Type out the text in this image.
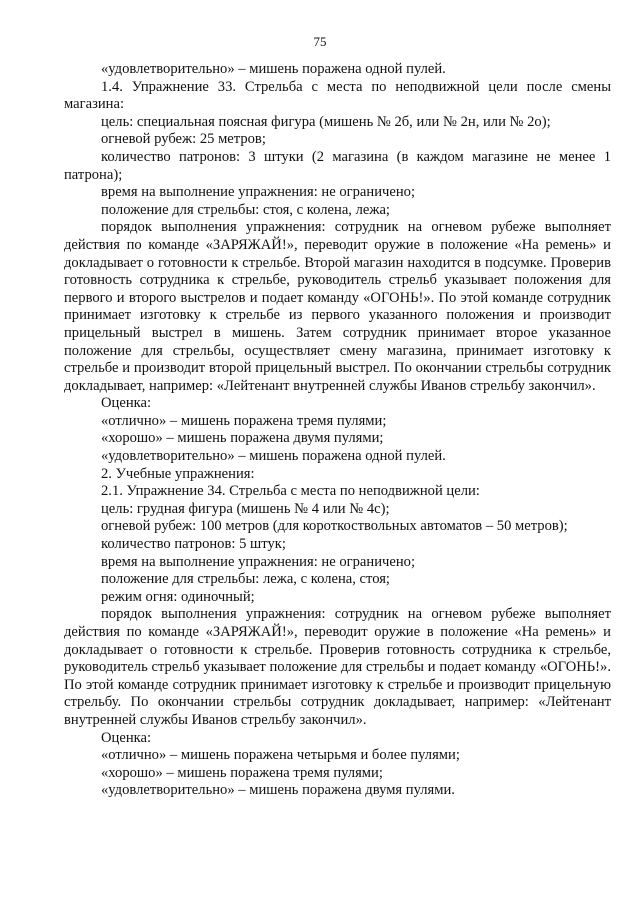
75

«удовлетворительно» – мишень поражена одной пулей.

1.4. Упражнение 33. Стрельба с места по неподвижной цели после смены магазина:

цель: специальная поясная фигура (мишень № 2б, или № 2н, или № 2о);

огневой рубеж: 25 метров;

количество патронов: 3 штуки (2 магазина (в каждом магазине не менее 1 патрона);

время на выполнение упражнения: не ограничено;

положение для стрельбы: стоя, с колена, лежа;

порядок выполнения упражнения: сотрудник на огневом рубеже выполняет действия по команде «ЗАРЯЖАЙ!», переводит оружие в положение «На ремень» и докладывает о готовности к стрельбе. Второй магазин находится в подсумке. Проверив готовность сотрудника к стрельбе, руководитель стрельб указывает положения для первого и второго выстрелов и подает команду «ОГОНЬ!». По этой команде сотрудник принимает изготовку к стрельбе из первого указанного положения и производит прицельный выстрел в мишень. Затем сотрудник принимает второе указанное положение для стрельбы, осуществляет смену магазина, принимает изготовку к стрельбе и производит второй прицельный выстрел. По окончании стрельбы сотрудник докладывает, например: «Лейтенант внутренней службы Иванов стрельбу закончил».

Оценка:

«отлично» – мишень поражена тремя пулями;

«хорошо» – мишень поражена двумя пулями;

«удовлетворительно» – мишень поражена одной пулей.

2. Учебные упражнения:

2.1. Упражнение 34. Стрельба с места по неподвижной цели:

цель: грудная фигура (мишень № 4 или № 4с);

огневой рубеж: 100 метров (для короткоствольных автоматов – 50 метров);

количество патронов: 5 штук;

время на выполнение упражнения: не ограничено;

положение для стрельбы: лежа, с колена, стоя;

режим огня: одиночный;

порядок выполнения упражнения: сотрудник на огневом рубеже выполняет действия по команде «ЗАРЯЖАЙ!», переводит оружие в положение «На ремень» и докладывает о готовности к стрельбе. Проверив готовность сотрудника к стрельбе, руководитель стрельб указывает положение для стрельбы и подает команду «ОГОНЬ!». По этой команде сотрудник принимает изготовку к стрельбе и производит прицельную стрельбу. По окончании стрельбы сотрудник докладывает, например: «Лейтенант внутренней службы Иванов стрельбу закончил».

Оценка:

«отлично» – мишень поражена четырьмя и более пулями;

«хорошо» – мишень поражена тремя пулями;

«удовлетворительно» – мишень поражена двумя пулями.
